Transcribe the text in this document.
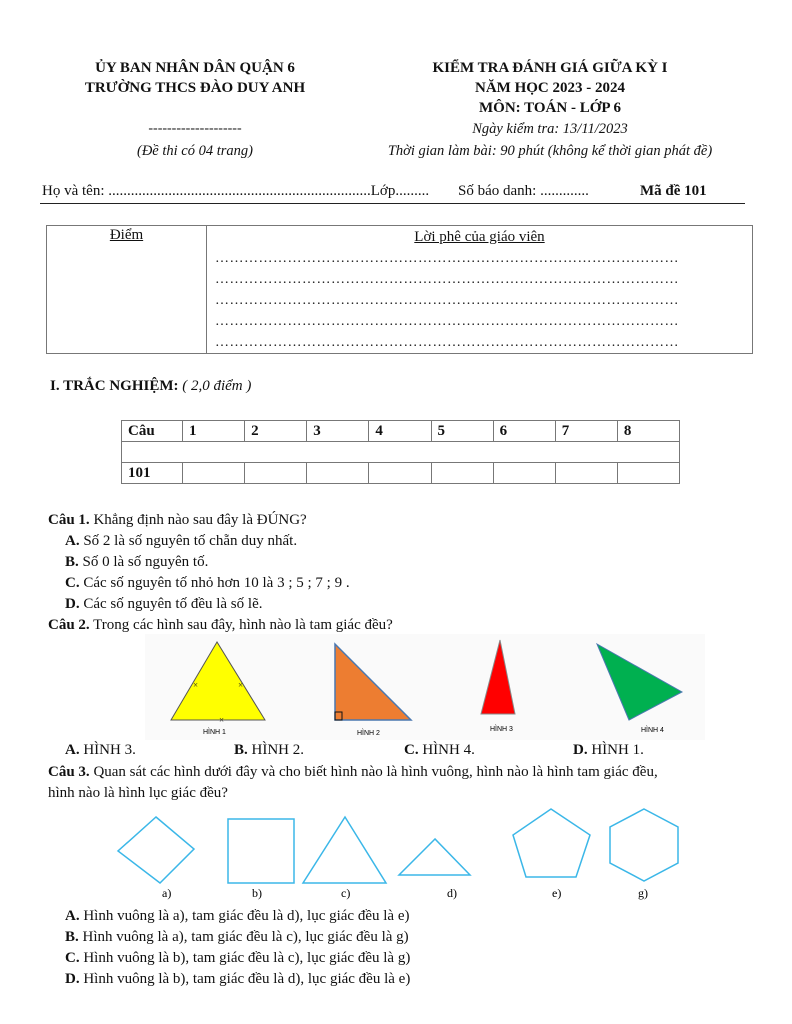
ỦY BAN NHÂN DÂN QUẬN 6
TRƯỜNG THCS ĐÀO DUY ANH
--------------------
(Đề thi có 04 trang)
KIỂM TRA ĐÁNH GIÁ GIỮA KỲ I
NĂM HỌC 2023 - 2024
MÔN: TOÁN - LỚP 6
Ngày kiểm tra: 13/11/2023
Thời gian làm bài: 90 phút (không kể thời gian phát đề)
Họ và tên: ......................................................................Lớp......... Số báo danh: .............	Mã đề 101
Điểm	Lời phê của giáo viên
……………………………………………………………………………………
……………………………………………………………………………………
……………………………………………………………………………………
……………………………………………………………………………………
……………………………………………………………………………………
I. TRẮC NGHIỆM: ( 2,0 điểm )
Câu	1	2	3	4	5	6	7	8

101								
Câu 1. Khẳng định nào sau đây là ĐÚNG?
A. Số 2 là số nguyên tố chẵn duy nhất.
B. Số 0 là số nguyên tố.
C. Các số nguyên tố nhỏ hơn 10 là 3 ; 5 ; 7 ; 9 .
D. Các số nguyên tố đều là số lẽ.
Câu 2. Trong các hình sau đây, hình nào là tam giác đều?
×	×
×
HÌNH 1	HÌNH 2
HÌNH 3	HÌNH 4
A. HÌNH 3.	B. HÌNH 2.	C. HÌNH 4.	D. HÌNH 1.
Câu 3. Quan sát các hình dưới đây và cho biết hình nào là hình vuông, hình nào là hình tam giác đều,
hình nào là hình lục giác đều?
a)	b)	c)	d)	e)	g)
A. Hình vuông là a), tam giác đều là d), lục giác đều là e)
B. Hình vuông là a), tam giác đều là c), lục giác đều là g)
C. Hình vuông là b), tam giác đều là c), lục giác đều là g)
D. Hình vuông là b), tam giác đều là d), lục giác đều là e)
